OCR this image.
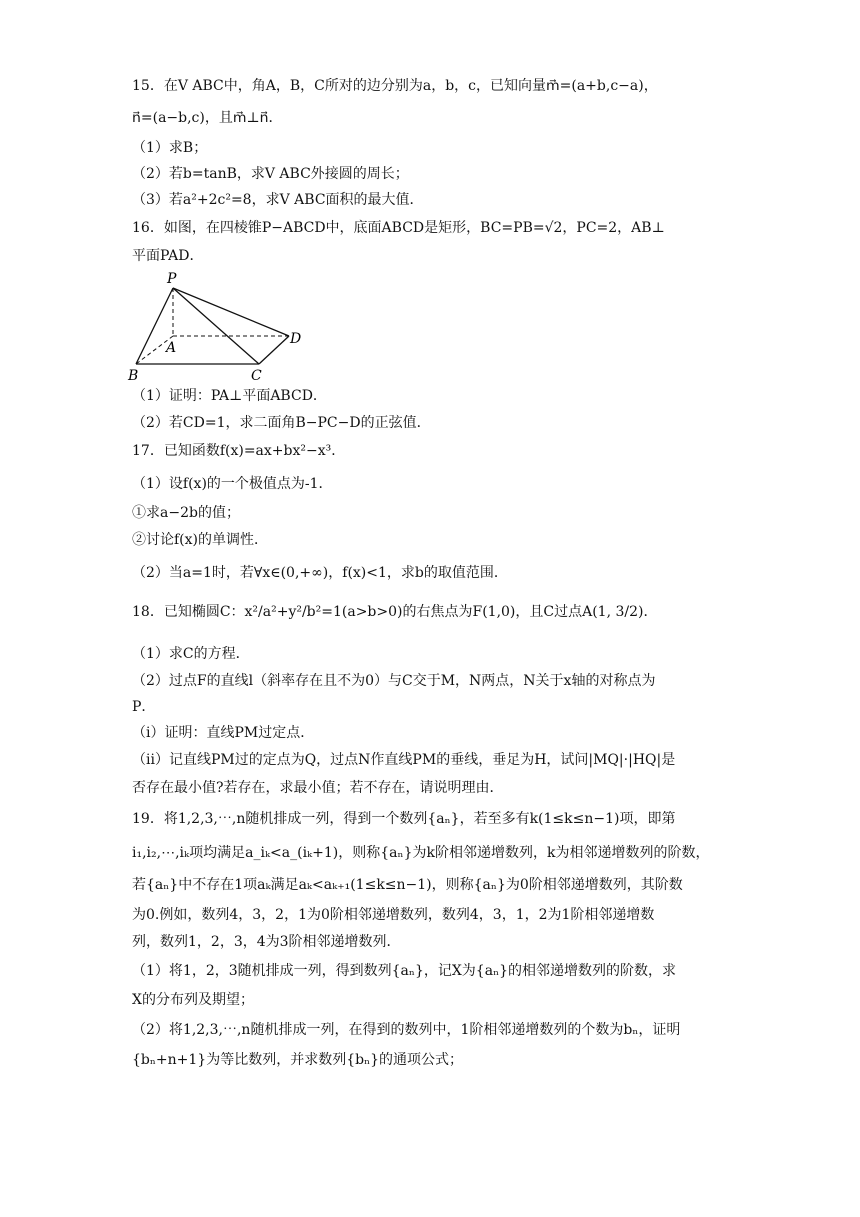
15．在V ABC中，角A，B，C所对的边分别为a，b，c，已知向量m⃗=(a+b,c−a)，
n⃗=(a−b,c)，且m⃗⊥n⃗．
（1）求B；
（2）若b=tanB，求V ABC外接圆的周长；
（3）若a²+2c²=8，求V ABC面积的最大值．
16．如图，在四棱锥P−ABCD中，底面ABCD是矩形，BC=PB=√2，PC=2，AB⊥
平面PAD．
P
A
B	C
D
（1）证明：PA⊥平面ABCD．
（2）若CD=1，求二面角B−PC−D的正弦值．
17．已知函数f(x)=ax+bx²−x³．
（1）设f(x)的一个极值点为-1．
①求a−2b的值；
②讨论f(x)的单调性．
（2）当a=1时，若∀x∈(0,+∞)，f(x)<1，求b的取值范围．
18．已知椭圆C：x²/a²+y²/b²=1(a>b>0)的右焦点为F(1,0)，且C过点A(1, 3/2)．
（1）求C的方程．
（2）过点F的直线l（斜率存在且不为0）与C交于M，N两点，N关于x轴的对称点为
P．
（i）证明：直线PM过定点．
（ii）记直线PM过的定点为Q，过点N作直线PM的垂线，垂足为H，试问|MQ|·|HQ|是
否存在最小值?若存在，求最小值；若不存在，请说明理由．
19．将1,2,3,⋯,n随机排成一列，得到一个数列{aₙ}，若至多有k(1≤k≤n−1)项，即第
i₁,i₂,⋯,iₖ项均满足a_iₖ<a_(iₖ+1)，则称{aₙ}为k阶相邻递增数列，k为相邻递增数列的阶数，
若{aₙ}中不存在1项aₖ满足aₖ<aₖ₊₁(1≤k≤n−1)，则称{aₙ}为0阶相邻递增数列，其阶数
为0.例如，数列4，3，2，1为0阶相邻递增数列，数列4，3，1，2为1阶相邻递增数
列，数列1，2，3，4为3阶相邻递增数列．
（1）将1，2，3随机排成一列，得到数列{aₙ}，记X为{aₙ}的相邻递增数列的阶数，求
X的分布列及期望；
（2）将1,2,3,⋯,n随机排成一列，在得到的数列中，1阶相邻递增数列的个数为bₙ，证明
{bₙ+n+1}为等比数列，并求数列{bₙ}的通项公式；
